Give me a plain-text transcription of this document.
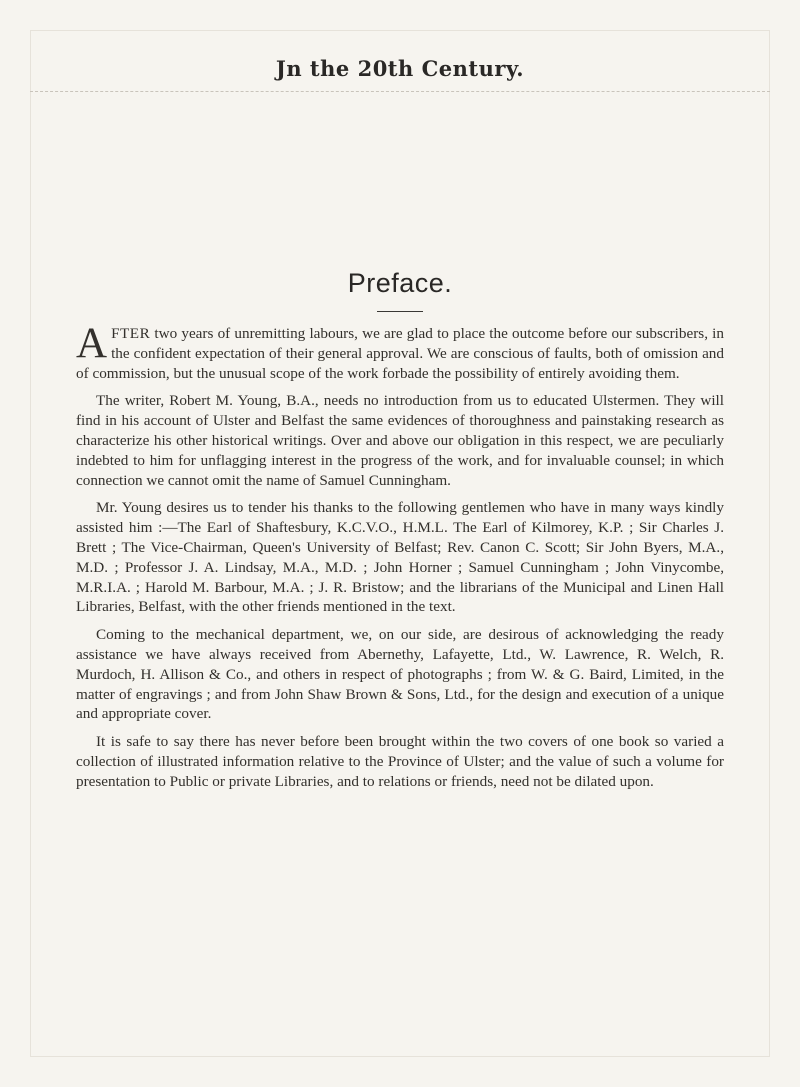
Jn the 20th Century.
Preface.

AFTER two years of unremitting labours, we are glad to place the outcome before our subscribers, in the confident expectation of their general approval. We are conscious of faults, both of omission and of commission, but the unusual scope of the work forbade the possibility of entirely avoiding them.

The writer, Robert M. Young, B.A., needs no introduction from us to educated Ulstermen. They will find in his account of Ulster and Belfast the same evidences of thoroughness and painstaking research as characterize his other historical writings. Over and above our obligation in this respect, we are peculiarly indebted to him for unflagging interest in the progress of the work, and for invaluable counsel; in which connection we cannot omit the name of Samuel Cunningham.

Mr. Young desires us to tender his thanks to the following gentlemen who have in many ways kindly assisted him :—The Earl of Shaftesbury, K.C.V.O., H.M.L. The Earl of Kilmorey, K.P. ; Sir Charles J. Brett ; The Vice-Chairman, Queen's University of Belfast; Rev. Canon C. Scott; Sir John Byers, M.A., M.D. ; Professor J. A. Lindsay, M.A., M.D. ; John Horner ; Samuel Cunningham ; John Vinycombe, M.R.I.A. ; Harold M. Barbour, M.A. ; J. R. Bristow; and the librarians of the Municipal and Linen Hall Libraries, Belfast, with the other friends mentioned in the text.

Coming to the mechanical department, we, on our side, are desirous of acknowledging the ready assistance we have always received from Abernethy, Lafayette, Ltd., W. Lawrence, R. Welch, R. Murdoch, H. Allison & Co., and others in respect of photographs ; from W. & G. Baird, Limited, in the matter of engravings ; and from John Shaw Brown & Sons, Ltd., for the design and execution of a unique and appropriate cover.

It is safe to say there has never before been brought within the two covers of one book so varied a collection of illustrated information relative to the Province of Ulster; and the value of such a volume for presentation to Public or private Libraries, and to relations or friends, need not be dilated upon.
